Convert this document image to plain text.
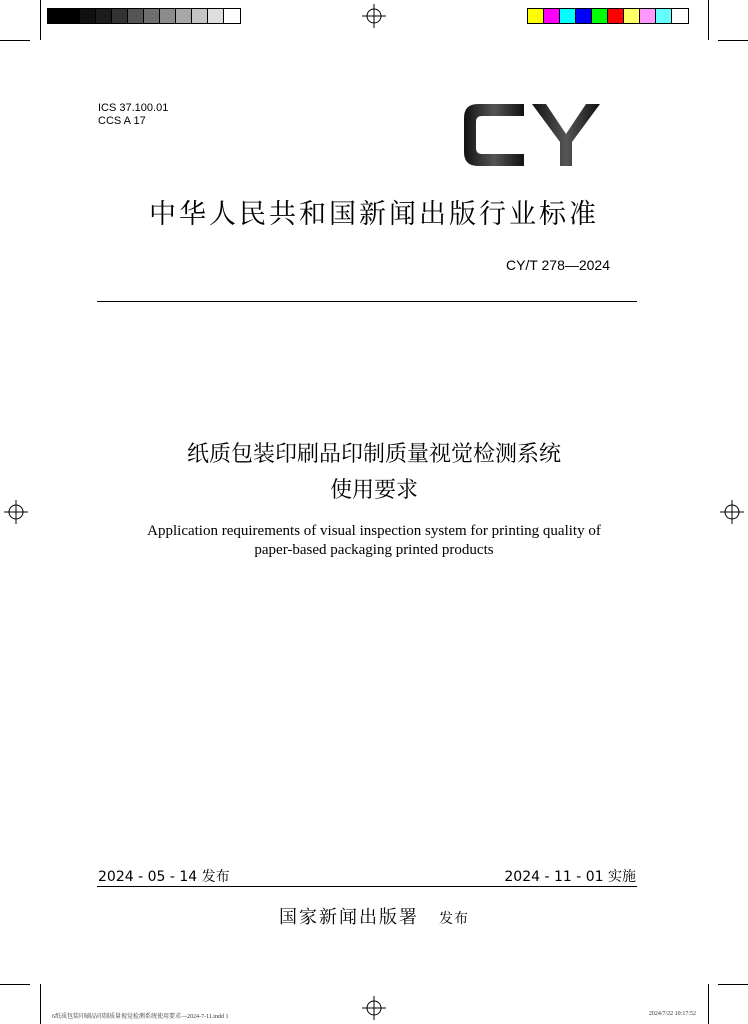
ICS 37.100.01
CCS A 17
中华人民共和国新闻出版行业标准
CY/T 278—2024
纸质包装印刷品印制质量视觉检测系统
使用要求
Application requirements of visual inspection system for printing quality of
paper-based packaging printed products
2024 - 05 - 14 发布	2024 - 11 - 01 实施
国家新闻出版署 发布
6纸质包装印刷品印制质量视觉检测系统使用要求—2024-7-11.indd 1	2024/7/22 10:17:52
